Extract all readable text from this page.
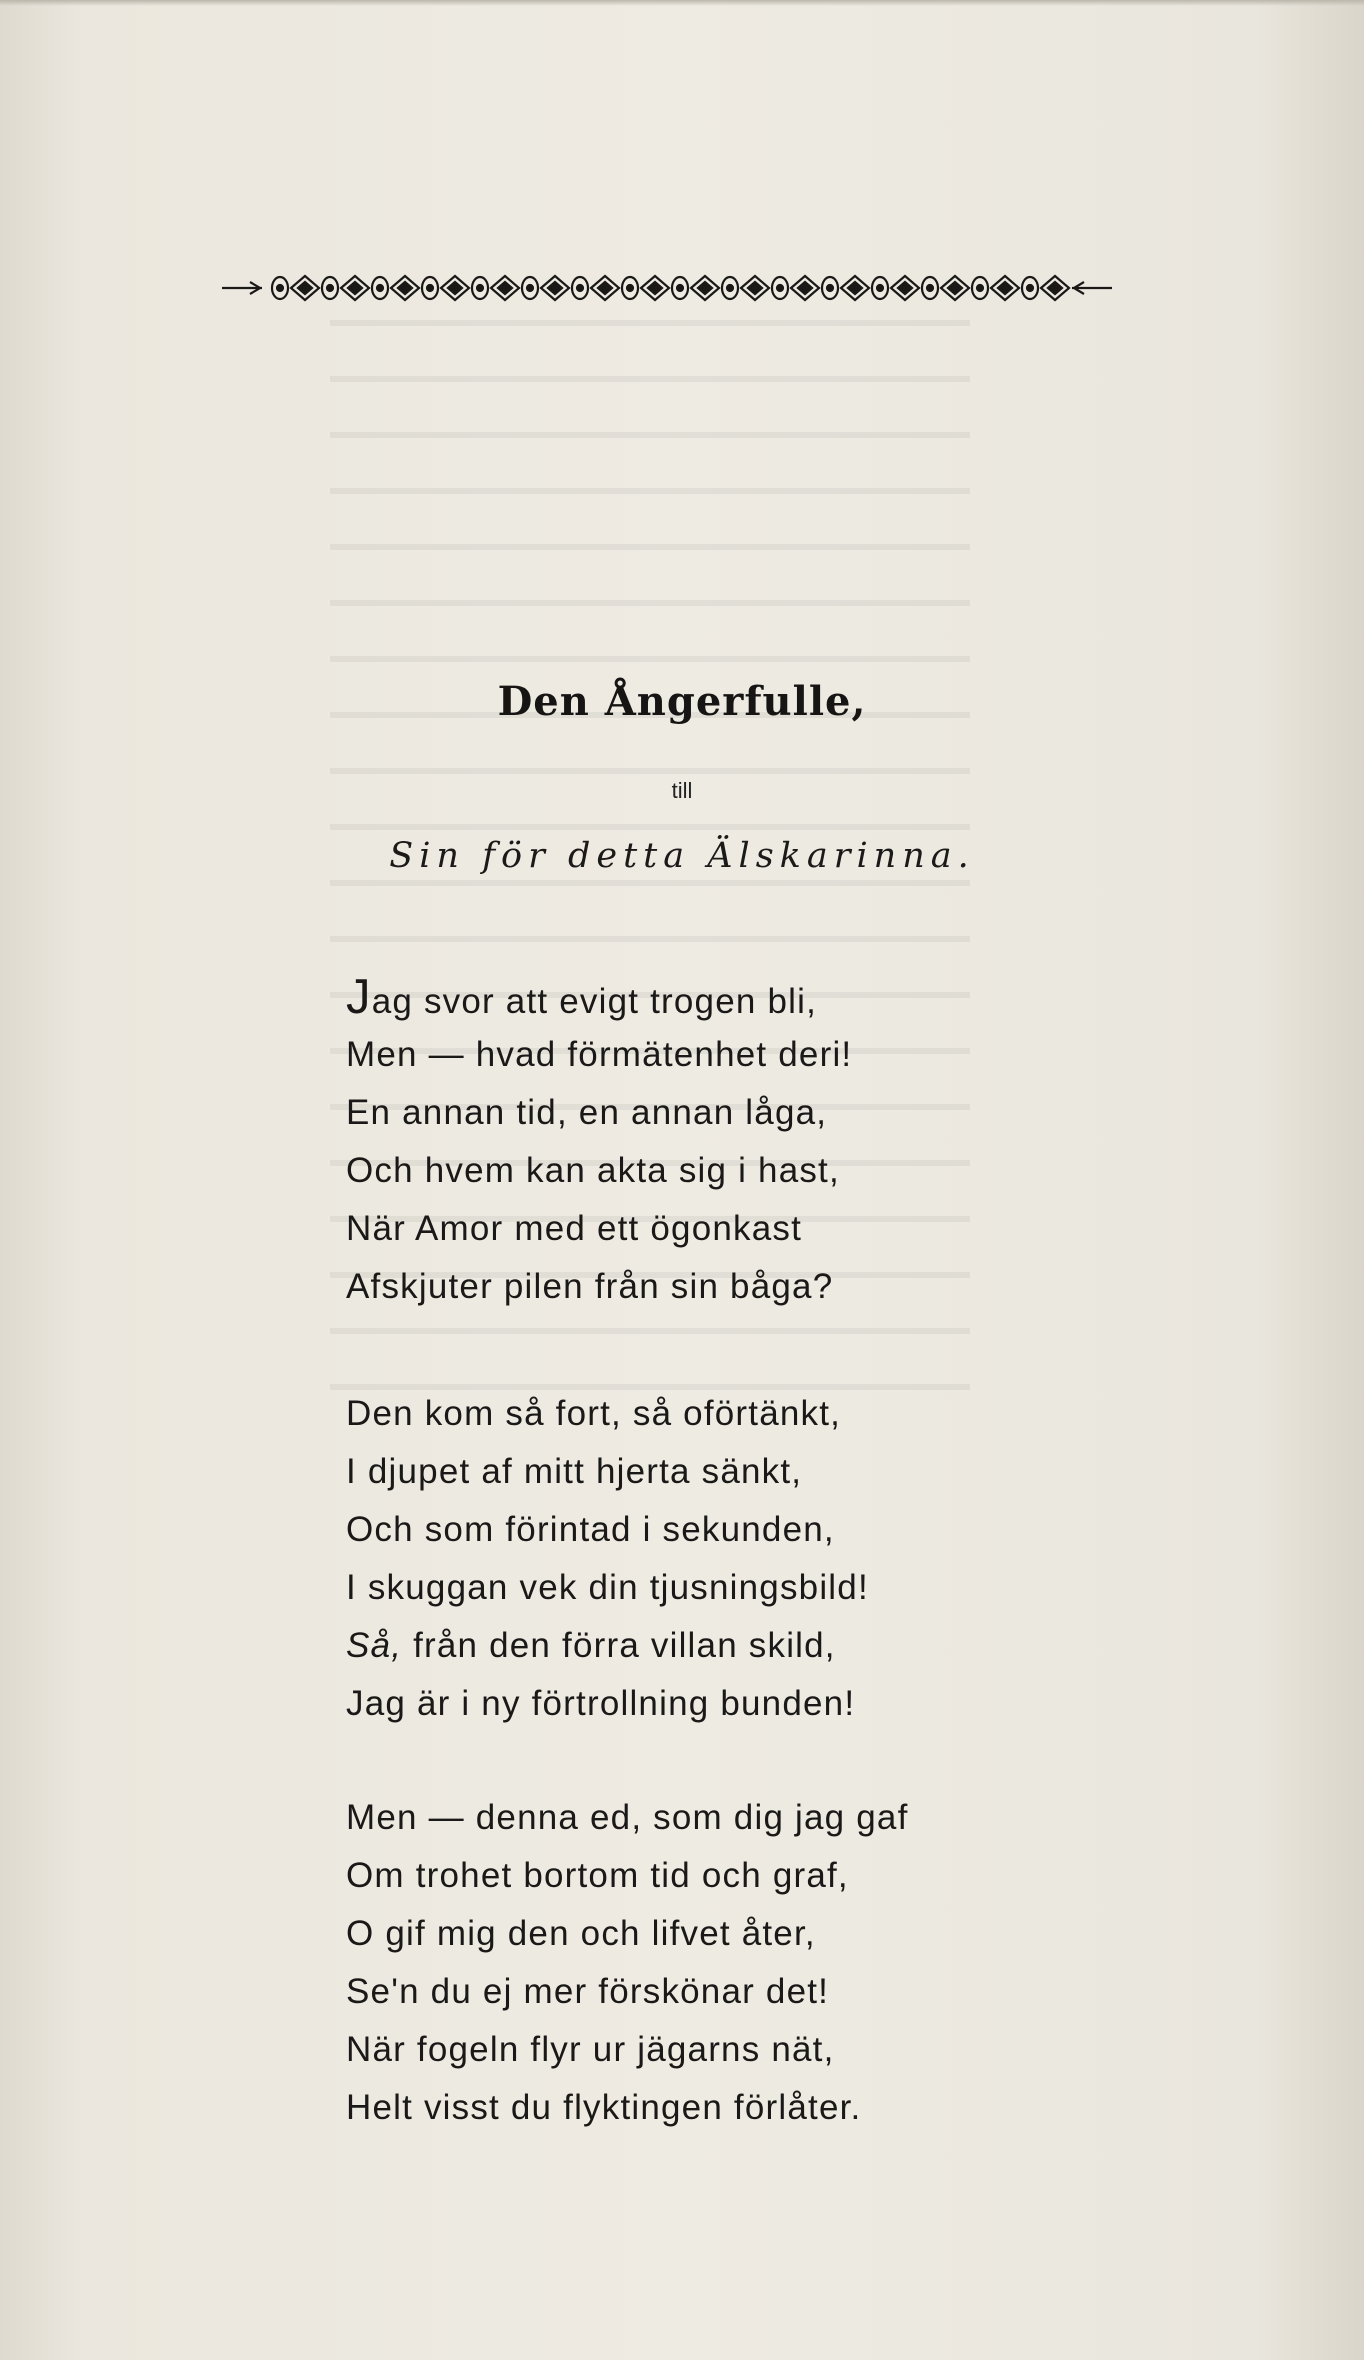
Den Ångerfulle,
till
Sin för detta Älskarinna.
Jag svor att evigt trogen bli,
Men — hvad förmätenhet deri!
En annan tid, en annan låga,
Och hvem kan akta sig i hast,
När Amor med ett ögonkast
Afskjuter pilen från sin båga?
Den kom så fort, så oförtänkt,
I djupet af mitt hjerta sänkt,
Och som förintad i sekunden,
I skuggan vek din tjusningsbild!
Så, från den förra villan skild,
Jag är i ny förtrollning bunden!
Men — denna ed, som dig jag gaf
Om trohet bortom tid och graf,
O gif mig den och lifvet åter,
Se'n du ej mer förskönar det!
När fogeln flyr ur jägarns nät,
Helt visst du flyktingen förlåter.
